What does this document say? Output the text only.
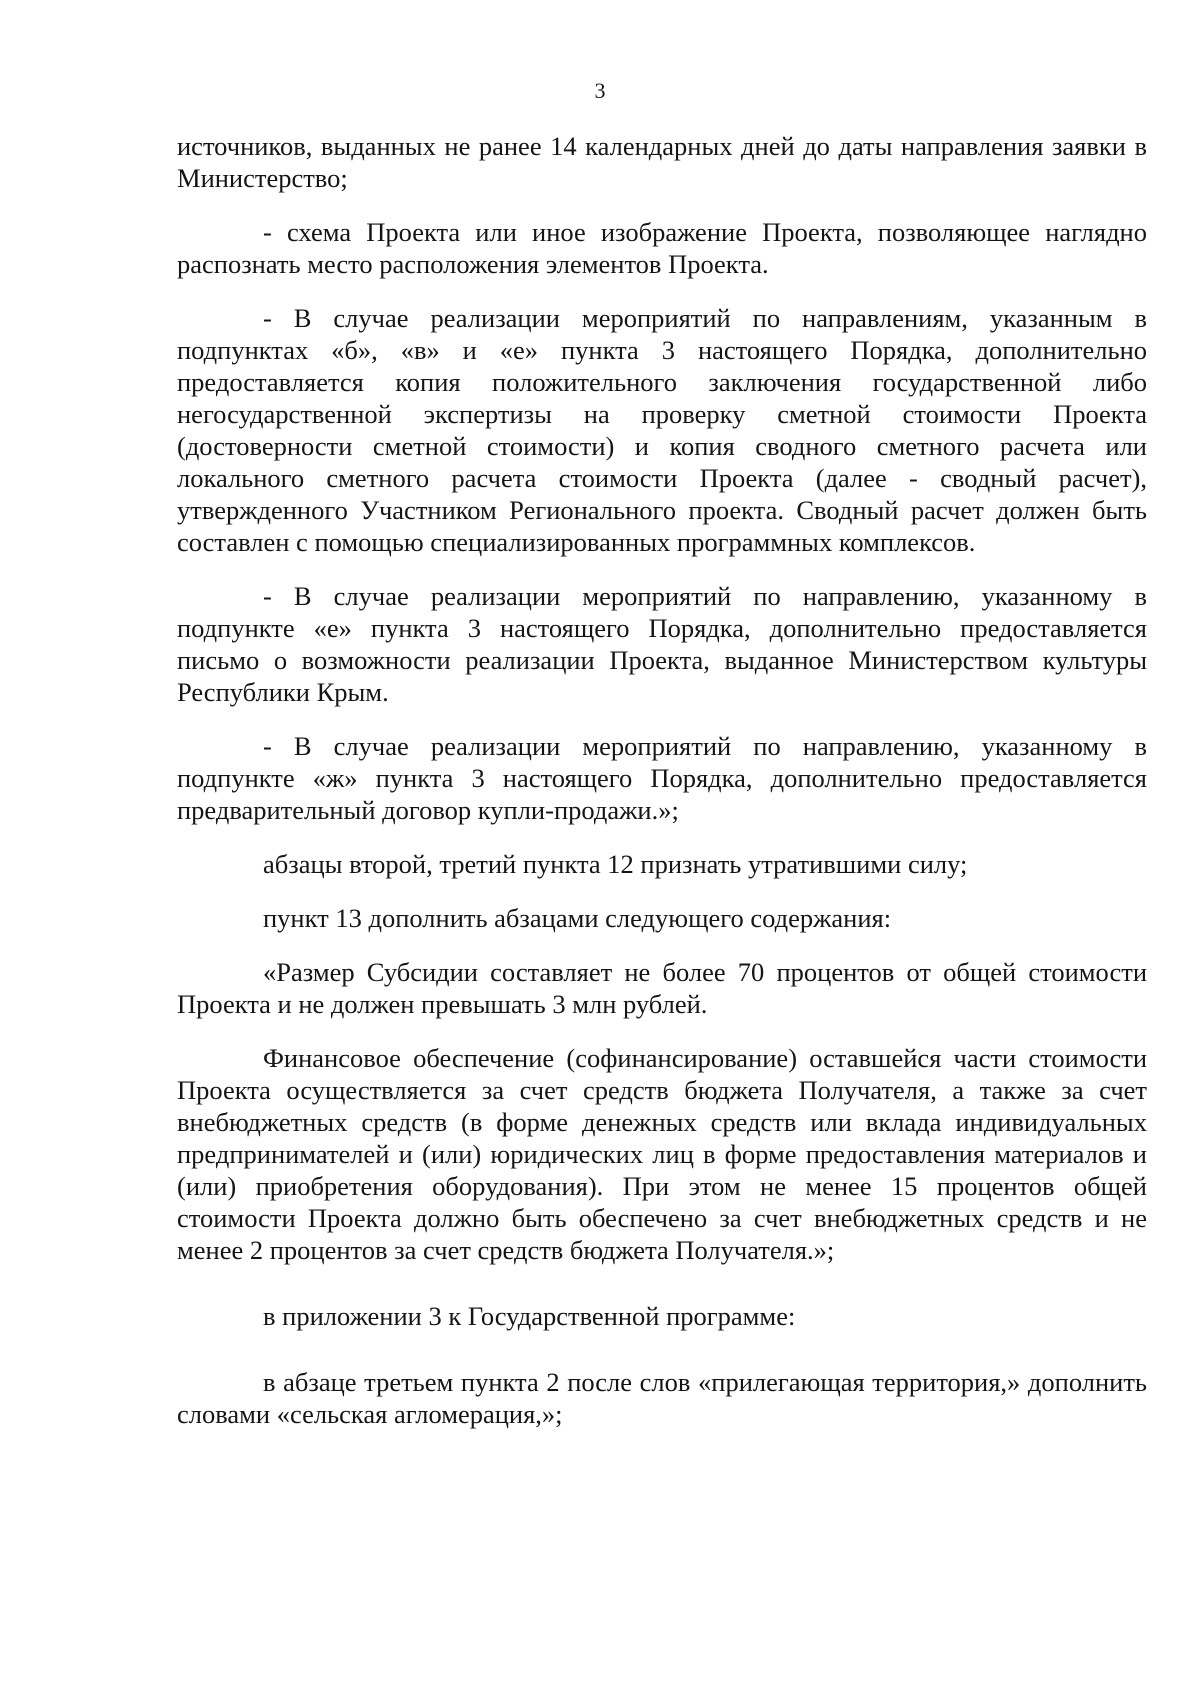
3

источников, выданных не ранее 14 календарных дней до даты направления заявки в Министерство;

- схема Проекта или иное изображение Проекта, позволяющее наглядно распознать место расположения элементов Проекта.

- В случае реализации мероприятий по направлениям, указанным в подпунктах «б», «в» и «е» пункта 3 настоящего Порядка, дополнительно предоставляется копия положительного заключения государственной либо негосударственной экспертизы на проверку сметной стоимости Проекта (достоверности сметной стоимости) и копия сводного сметного расчета или локального сметного расчета стоимости Проекта (далее - сводный расчет), утвержденного Участником Регионального проекта. Сводный расчет должен быть составлен с помощью специализированных программных комплексов.

- В случае реализации мероприятий по направлению, указанному в подпункте «е» пункта 3 настоящего Порядка, дополнительно предоставляется письмо о возможности реализации Проекта, выданное Министерством культуры Республики Крым.

- В случае реализации мероприятий по направлению, указанному в подпункте «ж» пункта 3 настоящего Порядка, дополнительно предоставляется предварительный договор купли-продажи.»;

абзацы второй, третий пункта 12 признать утратившими силу;

пункт 13 дополнить абзацами следующего содержания:

«Размер Субсидии составляет не более 70 процентов от общей стоимости Проекта и не должен превышать 3 млн рублей.

Финансовое обеспечение (софинансирование) оставшейся части стоимости Проекта осуществляется за счет средств бюджета Получателя, а также за счет внебюджетных средств (в форме денежных средств или вклада индивидуальных предпринимателей и (или) юридических лиц в форме предоставления материалов и (или) приобретения оборудования). При этом не менее 15 процентов общей стоимости Проекта должно быть обеспечено за счет внебюджетных средств и не менее 2 процентов за счет средств бюджета Получателя.»;

в приложении 3 к Государственной программе:

в абзаце третьем пункта 2 после слов «прилегающая территория,» дополнить словами «сельская агломерация,»;
